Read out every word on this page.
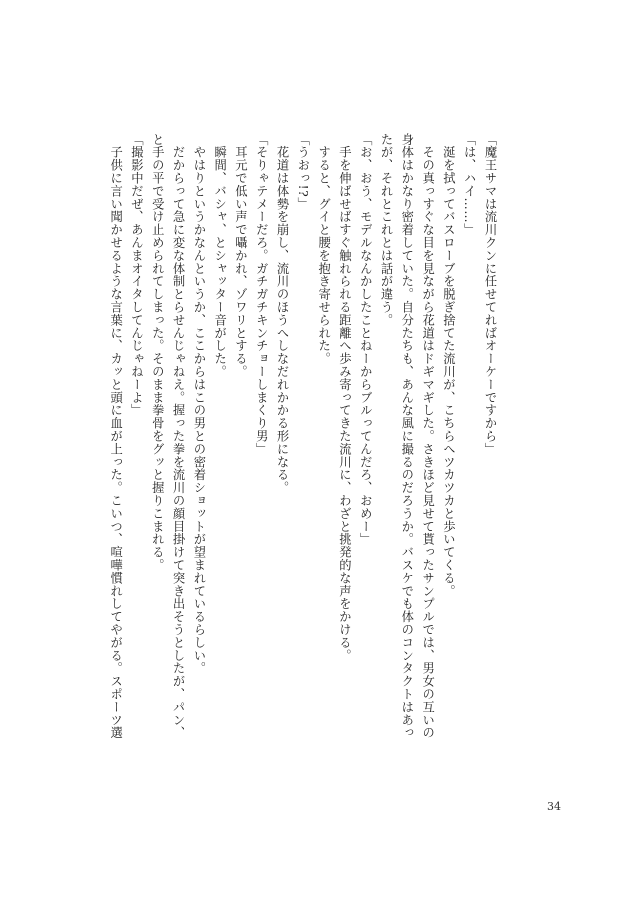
「魔王サマは流川クンに任せてればオーケーですから」
「は、ハイ……」
　涎を拭ってバスローブを脱ぎ捨てた流川が、こちらへツカツカと歩いてくる。
　その真っすぐな目を見ながら花道はドギマギした。さきほど見せて貰ったサンプルでは、男女の互いの
身体はかなり密着していた。自分たちも、あんな風に撮るのだろうか。バスケでも体のコンタクトはあっ
たが、それとこれとは話が違う。
「お、おう、モデルなんかしたことねーからブルってんだろ、おめー」
　手を伸ばせばすぐ触れられる距離へ歩み寄ってきた流川に、わざと挑発的な声をかける。
　すると、グイと腰を抱き寄せられた。
「うおっ!?」
　花道は体勢を崩し、流川のほうへしなだれかかる形になる。
「そりゃテメーだろ。ガチガチキンチョーしまくり男」
　耳元で低い声で囁かれ、ゾワリとする。
　瞬間、バシャ、とシャッター音がした。
　やはりというかなんというか、ここからはこの男との密着ショットが望まれているらしい。
　だからって急に変な体制とらせんじゃねえ。握った拳を流川の顔目掛けて突き出そうとしたが、パン、
と手の平で受け止められてしまった。そのまま拳骨をグッと握りこまれる。
「撮影中だぜ、あんまオイタしてんじゃねーよ」
　子供に言い聞かせるような言葉に、カッと頭に血が上った。こいつ、喧嘩慣れしてやがる。スポーツ選
34
